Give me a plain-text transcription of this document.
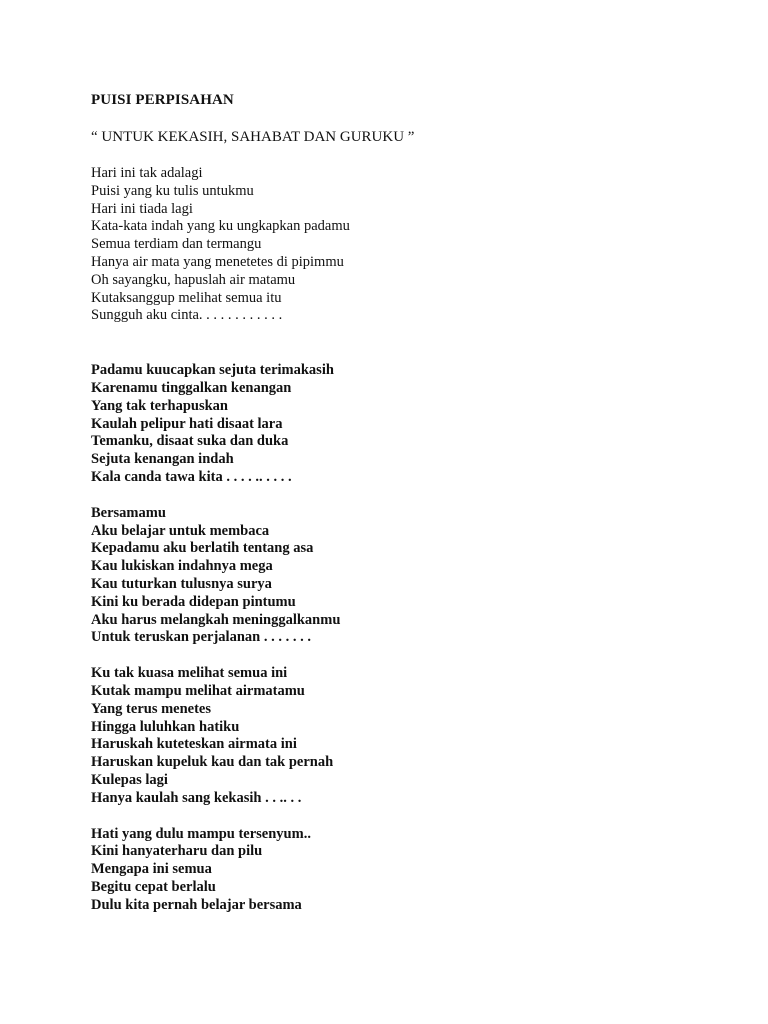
PUISI PERPISAHAN
“ UNTUK KEKASIH, SAHABAT DAN GURUKU ”
Hari ini tak adalagi
Puisi yang ku tulis untukmu
Hari ini tiada lagi
Kata-kata indah yang ku ungkapkan padamu
Semua terdiam dan termangu
Hanya air mata yang menetetes di pipimmu
Oh sayangku, hapuslah air matamu
Kutaksanggup melihat semua itu
Sungguh aku cinta. . . . . . . . . . . .
Padamu kuucapkan sejuta terimakasih
Karenamu tinggalkan kenangan
Yang tak terhapuskan
Kaulah pelipur hati disaat lara
Temanku, disaat suka dan duka
Sejuta kenangan indah
Kala canda tawa kita . . . . .. . . . .
Bersamamu
Aku belajar untuk membaca
Kepadamu aku berlatih tentang asa
Kau lukiskan indahnya mega
Kau tuturkan tulusnya surya
Kini ku berada didepan pintumu
Aku harus melangkah meninggalkanmu
Untuk teruskan perjalanan . . . . . . .
Ku tak kuasa melihat semua ini
Kutak mampu melihat airmatamu
Yang terus menetes
Hingga luluhkan hatiku
Haruskah kuteteskan airmata ini
Haruskan kupeluk kau dan tak pernah
Kulepas lagi
Hanya kaulah sang kekasih . . .. . .
Hati yang dulu mampu tersenyum..
Kini hanyaterharu dan pilu
Mengapa ini semua
Begitu cepat berlalu
Dulu kita pernah belajar bersama
